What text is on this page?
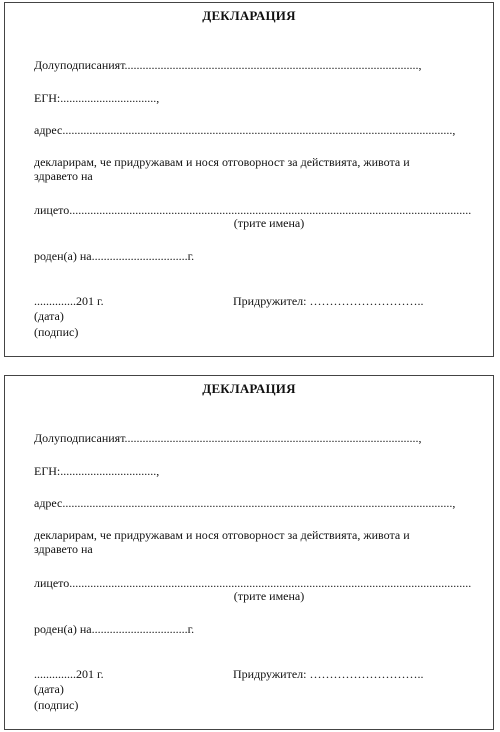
ДЕКЛАРАЦИЯ
Долуподписаният..................................................................................................,
ЕГН:................................,
адрес..................................................................................................................................,
декларирам, че придружавам и нося отговорност за действията, живота и
здравето на
лицето......................................................................................................................................
(трите имена)
роден(а) на................................г.
..............201 г.	Придружител: ………………………..
(дата)
(подпис)
ДЕКЛАРАЦИЯ
Долуподписаният..................................................................................................,
ЕГН:................................,
адрес..................................................................................................................................,
декларирам, че придружавам и нося отговорност за действията, живота и
здравето на
лицето......................................................................................................................................
(трите имена)
роден(а) на................................г.
..............201 г.	Придружител: ………………………..
(дата)
(подпис)
